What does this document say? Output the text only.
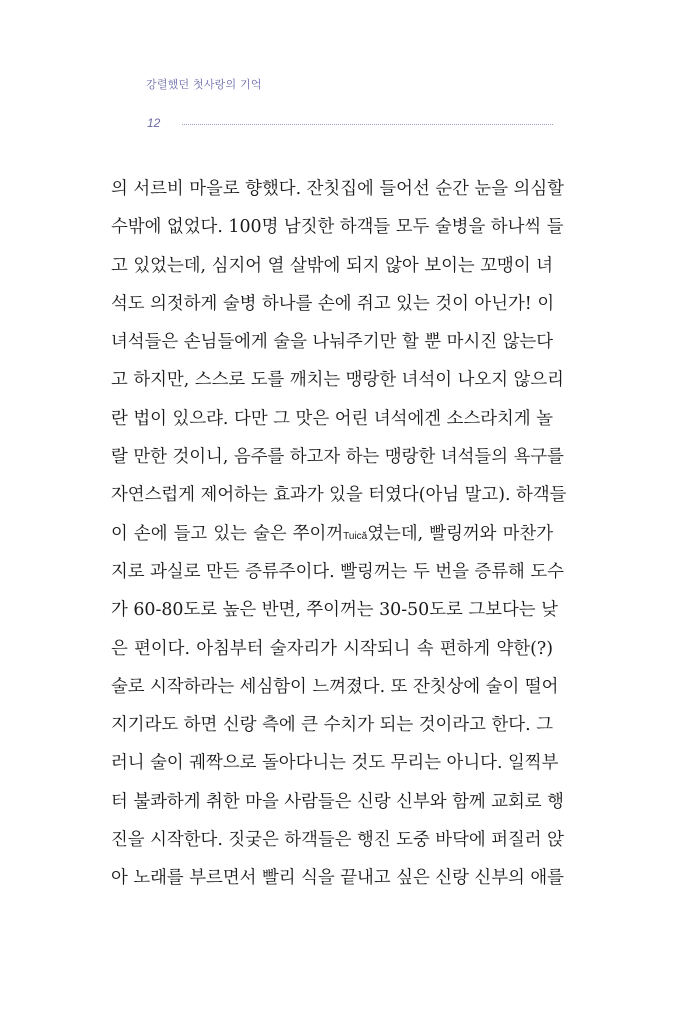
강렬했던 첫사랑의 기억
12
의 서르비 마을로 향했다. 잔칫집에 들어선 순간 눈을 의심할
수밖에 없었다. 100명 남짓한 하객들 모두 술병을 하나씩 들
고 있었는데, 심지어 열 살밖에 되지 않아 보이는 꼬맹이 녀
석도 의젓하게 술병 하나를 손에 쥐고 있는 것이 아닌가! 이
녀석들은 손님들에게 술을 나눠주기만 할 뿐 마시진 않는다
고 하지만, 스스로 도를 깨치는 맹랑한 녀석이 나오지 않으리
란 법이 있으랴. 다만 그 맛은 어린 녀석에겐 소스라치게 놀
랄 만한 것이니, 음주를 하고자 하는 맹랑한 녀석들의 욕구를
자연스럽게 제어하는 효과가 있을 터였다(아님 말고). 하객들
이 손에 들고 있는 술은 쭈이꺼Tuică였는데, 빨링꺼와 마찬가
지로 과실로 만든 증류주이다. 빨링꺼는 두 번을 증류해 도수
가 60-80도로 높은 반면, 쭈이꺼는 30-50도로 그보다는 낮
은 편이다. 아침부터 술자리가 시작되니 속 편하게 약한(?)
술로 시작하라는 세심함이 느껴졌다. 또 잔칫상에 술이 떨어
지기라도 하면 신랑 측에 큰 수치가 되는 것이라고 한다. 그
러니 술이 궤짝으로 돌아다니는 것도 무리는 아니다. 일찍부
터 불콰하게 취한 마을 사람들은 신랑 신부와 함께 교회로 행
진을 시작한다. 짓궂은 하객들은 행진 도중 바닥에 퍼질러 앉
아 노래를 부르면서 빨리 식을 끝내고 싶은 신랑 신부의 애를
